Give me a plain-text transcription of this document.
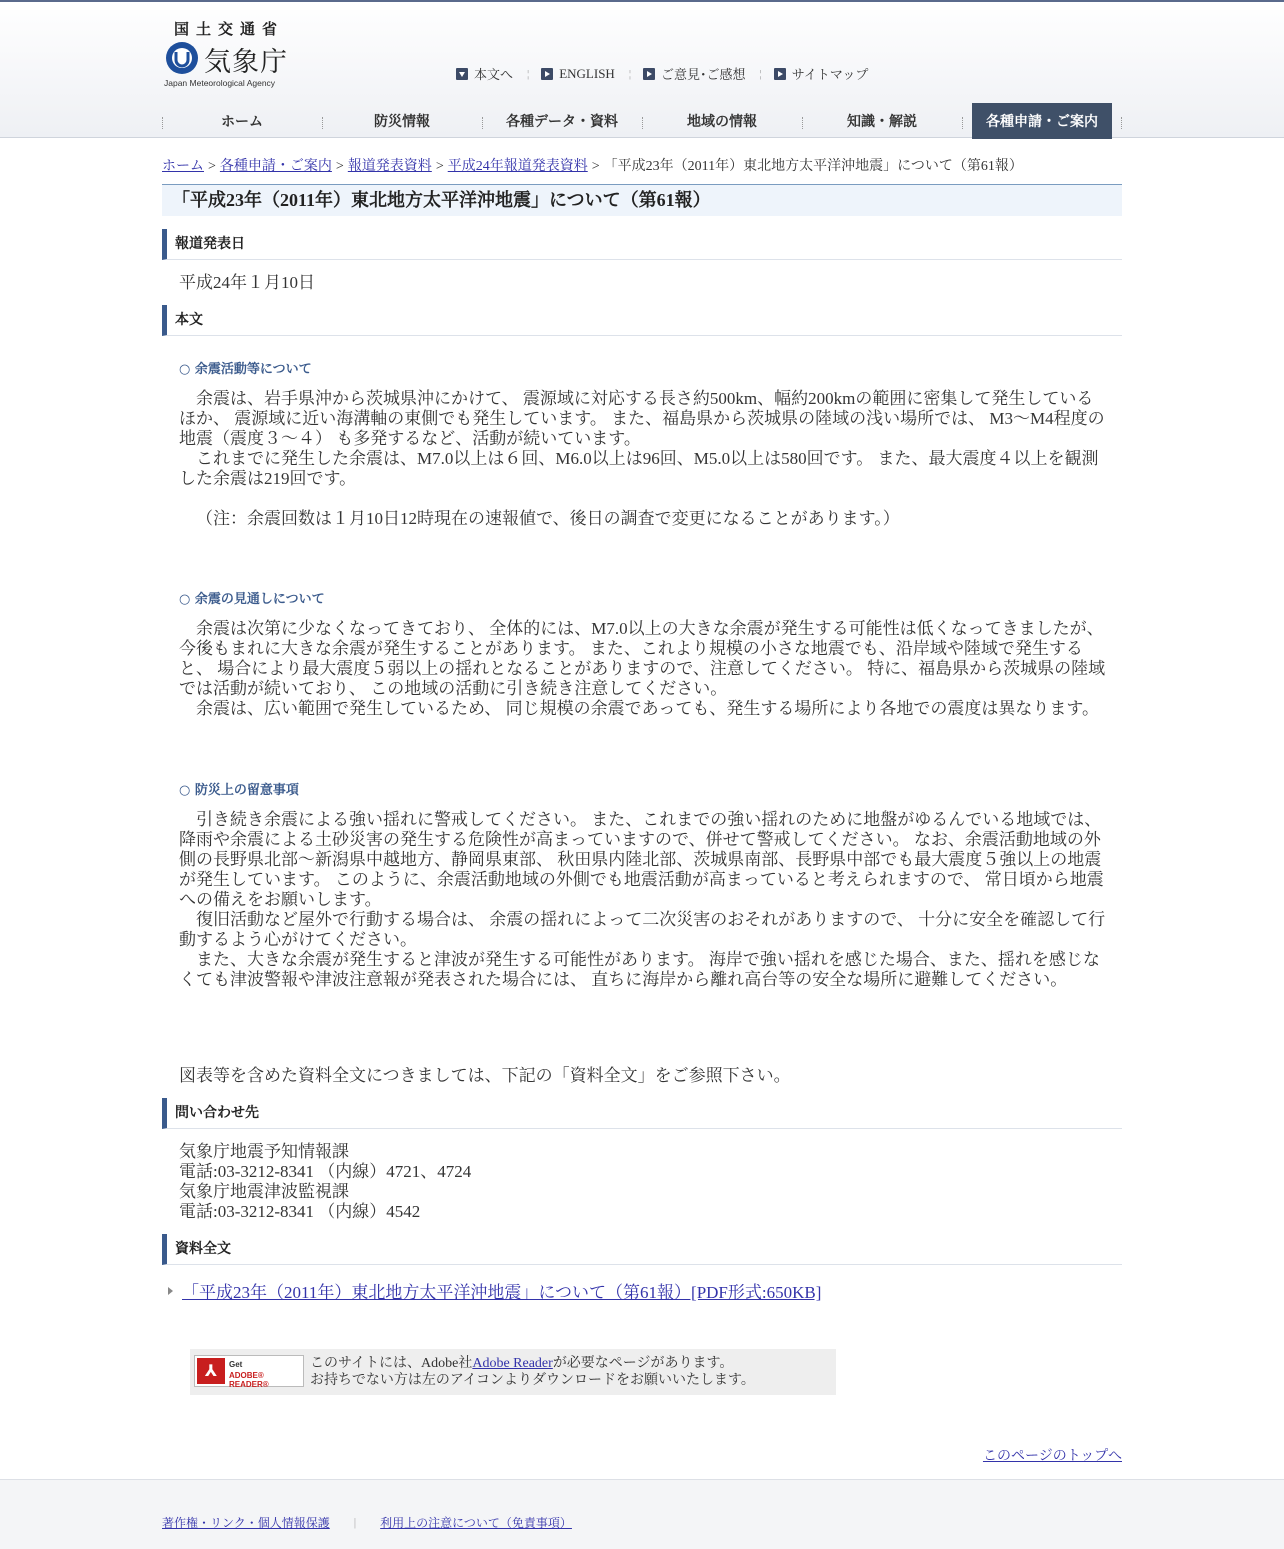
国土交通省
気象庁
Japan Meteorological Agency
本文へ ¦ ENGLISH ¦ ご意見･ご感想 ¦ サイトマップ
ホーム	防災情報	各種データ・資料	地域の情報	知識・解説	各種申請・ご案内
ホーム > 各種申請・ご案内 > 報道発表資料 > 平成24年報道発表資料 > 「平成23年（2011年）東北地方太平洋沖地震」について（第61報）
「平成23年（2011年）東北地方太平洋沖地震」について（第61報）
報道発表日
平成24年１月10日
本文
○ 余震活動等について
　余震は、岩手県沖から茨城県沖にかけて、 震源域に対応する長さ約500km、幅約200kmの範囲に密集して発生しているほか、 震源域に近い海溝軸の東側でも発生しています。 また、福島県から茨城県の陸域の浅い場所では、 M3～M4程度の地震（震度３～４） も多発するなど、活動が続いています。
　これまでに発生した余震は、M7.0以上は６回、M6.0以上は96回、M5.0以上は580回です。 また、最大震度４以上を観測した余震は219回です。
（注：余震回数は１月10日12時現在の速報値で、後日の調査で変更になることがあります。）
○ 余震の見通しについて
　余震は次第に少なくなってきており、 全体的には、M7.0以上の大きな余震が発生する可能性は低くなってきましたが、 今後もまれに大きな余震が発生することがあります。 また、これより規模の小さな地震でも、沿岸域や陸域で発生すると、 場合により最大震度５弱以上の揺れとなることがありますので、注意してください。 特に、福島県から茨城県の陸域では活動が続いており、 この地域の活動に引き続き注意してください。
　余震は、広い範囲で発生しているため、 同じ規模の余震であっても、発生する場所により各地での震度は異なります。
○ 防災上の留意事項
　引き続き余震による強い揺れに警戒してください。 また、これまでの強い揺れのために地盤がゆるんでいる地域では、降雨や余震による土砂災害の発生する危険性が高まっていますので、併せて警戒してください。 なお、余震活動地域の外側の長野県北部～新潟県中越地方、静岡県東部、 秋田県内陸北部、茨城県南部、長野県中部でも最大震度５強以上の地震が発生しています。 このように、余震活動地域の外側でも地震活動が高まっていると考えられますので、 常日頃から地震への備えをお願いします。
　復旧活動など屋外で行動する場合は、 余震の揺れによって二次災害のおそれがありますので、 十分に安全を確認して行動するよう心がけてください。
　また、大きな余震が発生すると津波が発生する可能性があります。 海岸で強い揺れを感じた場合、また、揺れを感じなくても津波警報や津波注意報が発表された場合には、 直ちに海岸から離れ高台等の安全な場所に避難してください。
図表等を含めた資料全文につきましては、下記の「資料全文」をご参照下さい。
問い合わせ先
気象庁地震予知情報課
電話:03-3212-8341 （内線）4721、4724
気象庁地震津波監視課
電話:03-3212-8341 （内線）4542
資料全文
「平成23年（2011年）東北地方太平洋沖地震」について（第61報）[PDF形式:650KB]
⅄	Get
ADOBE® READER®
このサイトには、Adobe社Adobe Readerが必要なページがあります。
お持ちでない方は左のアイコンよりダウンロードをお願いいたします。
このページのトップへ
著作権・リンク・個人情報保護 | 利用上の注意について（免責事項）
